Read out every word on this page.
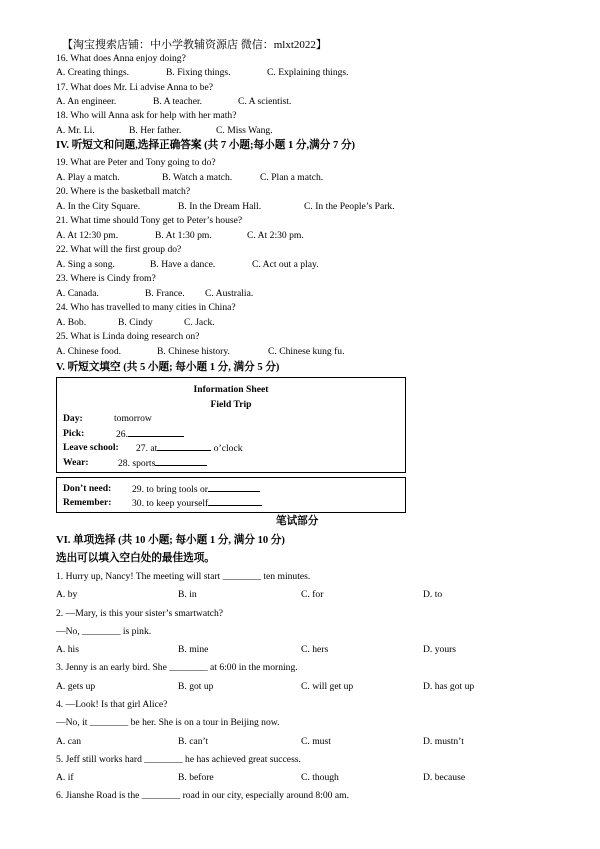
【淘宝搜索店铺：中小学教辅资源店 微信：mlxt2022】
16. What does Anna enjoy doing?
A. Creating things.	B. Fixing things.	C. Explaining things.
17. What does Mr. Li advise Anna to be?
A. An engineer.	B. A teacher.	C. A scientist.
18. Who will Anna ask for help with her math?
A. Mr. Li.	B. Her father.	C. Miss Wang.
IV. 听短文和问题,选择正确答案 (共 7 小题;每小题 1 分,满分 7 分)
19. What are Peter and Tony going to do?
A. Play a match.	B. Watch a match.	C. Plan a match.
20. Where is the basketball match?
A. In the City Square.	B. In the Dream Hall.	C. In the People’s Park.
21. What time should Tony get to Peter’s house?
A. At 12:30 pm.	B. At 1:30 pm.	C. At 2:30 pm.
22. What will the first group do?
A. Sing a song.	B. Have a dance.	C. Act out a play.
23. Where is Cindy from?
A. Canada.	B. France. C. Australia.
24. Who has travelled to many cities in China?
A. Bob.	B. Cindy	C. Jack.
25. What is Linda doing research on?
A. Chinese food.	B. Chinese history.	C. Chinese kung fu.
V. 听短文填空 (共 5 小题; 每小题 1 分, 满分 5 分)
Information Sheet
Field Trip
Day:	tomorrow
Pick:	26.
Leave school: 27. at	o’clock
Wear:	28. sports
Don’t need: 29. to bring tools or
Remember: 30. to keep yourself
笔试部分
VI. 单项选择 (共 10 小题; 每小题 1 分, 满分 10 分)
选出可以填入空白处的最佳选项。
1. Hurry up, Nancy! The meeting will start ________ ten minutes.
A. by	B. in	C. for	D. to
2. —Mary, is this your sister’s smartwatch?
—No, ________ is pink.
A. his	B. mine	C. hers	D. yours
3. Jenny is an early bird. She ________ at 6:00 in the morning.
A. gets up	B. got up	C. will get up	D. has got up
4. —Look! Is that girl Alice?
—No, it ________ be her. She is on a tour in Beijing now.
A. can	B. can’t	C. must	D. mustn’t
5. Jeff still works hard ________ he has achieved great success.
A. if	B. before	C. though	D. because
6. Jianshe Road is the ________ road in our city, especially around 8:00 am.
